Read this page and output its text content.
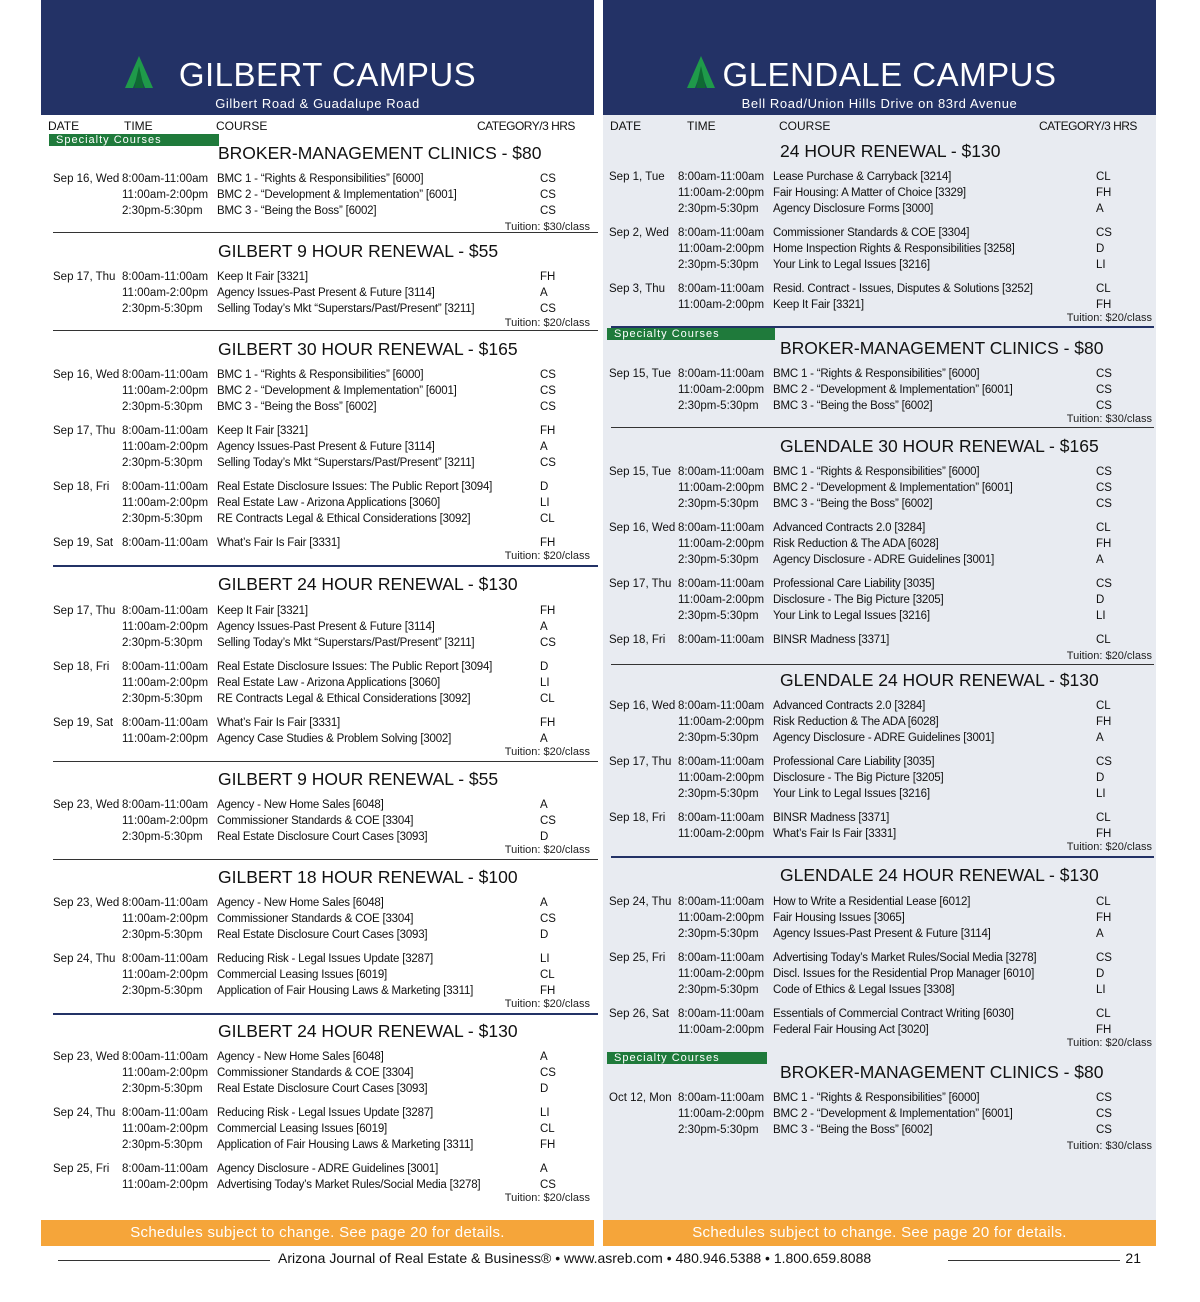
GILBERT CAMPUS
Gilbert Road & Guadalupe Road
DATE	TIME	COURSE	CATEGORY/3 HRS
Specialty Courses
BROKER-MANAGEMENT CLINICS - $80
Sep 16, Wed 8:00am-11:00am BMC 1 - “Rights & Responsibilities” [6000]	CS
11:00am-2:00pm BMC 2 - “Development & Implementation” [6001]	CS
2:30pm-5:30pm BMC 3 - “Being the Boss” [6002]	CS
Tuition: $30/class
GILBERT 9 HOUR RENEWAL - $55
Sep 17, Thu 8:00am-11:00am Keep It Fair [3321]	FH
11:00am-2:00pm Agency Issues-Past Present & Future [3114]	A
2:30pm-5:30pm Selling Today’s Mkt “Superstars/Past/Present” [3211]	CS
Tuition: $20/class
GILBERT 30 HOUR RENEWAL - $165
Sep 16, Wed 8:00am-11:00am BMC 1 - “Rights & Responsibilities” [6000]	CS
11:00am-2:00pm BMC 2 - “Development & Implementation” [6001]	CS
2:30pm-5:30pm BMC 3 - “Being the Boss” [6002]	CS
Sep 17, Thu 8:00am-11:00am Keep It Fair [3321]	FH
11:00am-2:00pm Agency Issues-Past Present & Future [3114]	A
2:30pm-5:30pm Selling Today’s Mkt “Superstars/Past/Present” [3211]	CS
Sep 18, Fri 8:00am-11:00am Real Estate Disclosure Issues: The Public Report [3094]	D
11:00am-2:00pm Real Estate Law - Arizona Applications [3060]	LI
2:30pm-5:30pm RE Contracts Legal & Ethical Considerations [3092]	CL
Sep 19, Sat 8:00am-11:00am What’s Fair Is Fair [3331]	FH
Tuition: $20/class
GILBERT 24 HOUR RENEWAL - $130
Sep 17, Thu 8:00am-11:00am Keep It Fair [3321]	FH
11:00am-2:00pm Agency Issues-Past Present & Future [3114]	A
2:30pm-5:30pm Selling Today’s Mkt “Superstars/Past/Present” [3211]	CS
Sep 18, Fri 8:00am-11:00am Real Estate Disclosure Issues: The Public Report [3094]	D
11:00am-2:00pm Real Estate Law - Arizona Applications [3060]	LI
2:30pm-5:30pm RE Contracts Legal & Ethical Considerations [3092]	CL
Sep 19, Sat 8:00am-11:00am What’s Fair Is Fair [3331]	FH
11:00am-2:00pm Agency Case Studies & Problem Solving [3002]	A
Tuition: $20/class
GILBERT 9 HOUR RENEWAL - $55
Sep 23, Wed 8:00am-11:00am Agency - New Home Sales [6048]	A
11:00am-2:00pm Commissioner Standards & COE [3304]	CS
2:30pm-5:30pm Real Estate Disclosure Court Cases [3093]	D
Tuition: $20/class
GILBERT 18 HOUR RENEWAL - $100
Sep 23, Wed 8:00am-11:00am Agency - New Home Sales [6048]	A
11:00am-2:00pm Commissioner Standards & COE [3304]	CS
2:30pm-5:30pm Real Estate Disclosure Court Cases [3093]	D
Sep 24, Thu 8:00am-11:00am Reducing Risk - Legal Issues Update [3287]	LI
11:00am-2:00pm Commercial Leasing Issues [6019]	CL
2:30pm-5:30pm Application of Fair Housing Laws & Marketing [3311]	FH
Tuition: $20/class
GILBERT 24 HOUR RENEWAL - $130
Sep 23, Wed 8:00am-11:00am Agency - New Home Sales [6048]	A
11:00am-2:00pm Commissioner Standards & COE [3304]	CS
2:30pm-5:30pm Real Estate Disclosure Court Cases [3093]	D
Sep 24, Thu 8:00am-11:00am Reducing Risk - Legal Issues Update [3287]	LI
11:00am-2:00pm Commercial Leasing Issues [6019]	CL
2:30pm-5:30pm Application of Fair Housing Laws & Marketing [3311]	FH
Sep 25, Fri 8:00am-11:00am Agency Disclosure - ADRE Guidelines [3001]	A
11:00am-2:00pm Advertising Today’s Market Rules/Social Media [3278]	CS
Tuition: $20/class
Schedules subject to change. See page 20 for details.
GLENDALE CAMPUS
Bell Road/Union Hills Drive on 83rd Avenue
DATE	TIME	COURSE	CATEGORY/3 HRS
Specialty Courses
Specialty Courses
24 HOUR RENEWAL - $130
Sep 1, Tue 8:00am-11:00am Lease Purchase & Carryback [3214]	CL
11:00am-2:00pm Fair Housing: A Matter of Choice [3329]	FH
2:30pm-5:30pm Agency Disclosure Forms [3000]	A
Sep 2, Wed 8:00am-11:00am Commissioner Standards & COE [3304]	CS
11:00am-2:00pm Home Inspection Rights & Responsibilities [3258]	D
2:30pm-5:30pm Your Link to Legal Issues [3216]	LI
Sep 3, Thu 8:00am-11:00am Resid. Contract - Issues, Disputes & Solutions [3252]	CL
11:00am-2:00pm Keep It Fair [3321]	FH
Tuition: $20/class
BROKER-MANAGEMENT CLINICS - $80
Sep 15, Tue 8:00am-11:00am BMC 1 - “Rights & Responsibilities” [6000]	CS
11:00am-2:00pm BMC 2 - “Development & Implementation” [6001]	CS
2:30pm-5:30pm BMC 3 - “Being the Boss” [6002]	CS
Tuition: $30/class
GLENDALE 30 HOUR RENEWAL - $165
Sep 15, Tue 8:00am-11:00am BMC 1 - “Rights & Responsibilities” [6000]	CS
11:00am-2:00pm BMC 2 - “Development & Implementation” [6001]	CS
2:30pm-5:30pm BMC 3 - “Being the Boss” [6002]	CS
Sep 16, Wed 8:00am-11:00am Advanced Contracts 2.0 [3284]	CL
11:00am-2:00pm Risk Reduction & The ADA [6028]	FH
2:30pm-5:30pm Agency Disclosure - ADRE Guidelines [3001]	A
Sep 17, Thu 8:00am-11:00am Professional Care Liability [3035]	CS
11:00am-2:00pm Disclosure - The Big Picture [3205]	D
2:30pm-5:30pm Your Link to Legal Issues [3216]	LI
Sep 18, Fri 8:00am-11:00am BINSR Madness [3371]	CL
Tuition: $20/class
GLENDALE 24 HOUR RENEWAL - $130
Sep 16, Wed 8:00am-11:00am Advanced Contracts 2.0 [3284]	CL
11:00am-2:00pm Risk Reduction & The ADA [6028]	FH
2:30pm-5:30pm Agency Disclosure - ADRE Guidelines [3001]	A
Sep 17, Thu 8:00am-11:00am Professional Care Liability [3035]	CS
11:00am-2:00pm Disclosure - The Big Picture [3205]	D
2:30pm-5:30pm Your Link to Legal Issues [3216]	LI
Sep 18, Fri 8:00am-11:00am BINSR Madness [3371]	CL
11:00am-2:00pm What’s Fair Is Fair [3331]	FH
Tuition: $20/class
GLENDALE 24 HOUR RENEWAL - $130
Sep 24, Thu 8:00am-11:00am How to Write a Residential Lease [6012]	CL
11:00am-2:00pm Fair Housing Issues [3065]	FH
2:30pm-5:30pm Agency Issues-Past Present & Future [3114]	A
Sep 25, Fri 8:00am-11:00am Advertising Today’s Market Rules/Social Media [3278]	CS
11:00am-2:00pm Discl. Issues for the Residential Prop Manager [6010]	D
2:30pm-5:30pm Code of Ethics & Legal Issues [3308]	LI
Sep 26, Sat 8:00am-11:00am Essentials of Commercial Contract Writing [6030]	CL
11:00am-2:00pm Federal Fair Housing Act [3020]	FH
Tuition: $20/class
BROKER-MANAGEMENT CLINICS - $80
Oct 12, Mon 8:00am-11:00am BMC 1 - “Rights & Responsibilities” [6000]	CS
11:00am-2:00pm BMC 2 - “Development & Implementation” [6001]	CS
2:30pm-5:30pm BMC 3 - “Being the Boss” [6002]	CS
Tuition: $30/class
Schedules subject to change. See page 20 for details.
Arizona Journal of Real Estate & Business® • www.asreb.com • 480.946.5388 • 1.800.659.8088	21
